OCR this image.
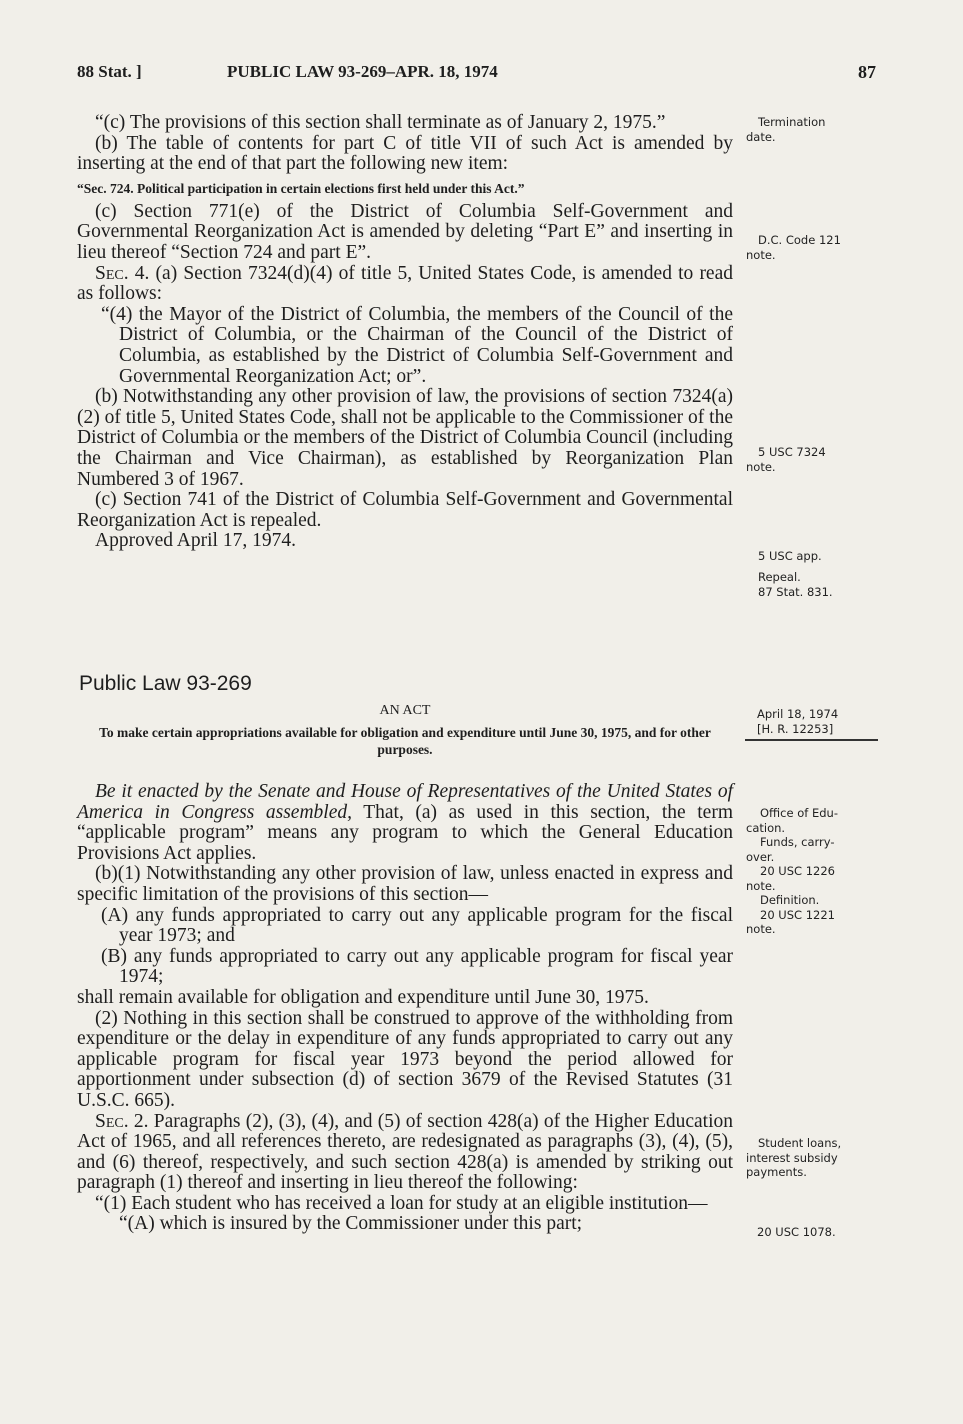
88 Stat. ]	PUBLIC LAW 93-269–APR. 18, 1974	87

“(c) The provisions of this section shall terminate as of January 2, 1975.”

(b) The table of contents for part C of title VII of such Act is amended by inserting at the end of that part the following new item:

“Sec. 724. Political participation in certain elections first held under this Act.”

(c) Section 771(e) of the District of Columbia Self-Government and Governmental Reorganization Act is amended by deleting “Part E” and inserting in lieu thereof “Section 724 and part E”.

Sec. 4. (a) Section 7324(d)(4) of title 5, United States Code, is amended to read as follows:

“(4) the Mayor of the District of Columbia, the members of the Council of the District of Columbia, or the Chairman of the Council of the District of Columbia, as established by the District of Columbia Self-Government and Governmental Reorganization Act; or”.

(b) Notwithstanding any other provision of law, the provisions of section 7324(a)(2) of title 5, United States Code, shall not be applicable to the Commissioner of the District of Columbia or the members of the District of Columbia Council (including the Chairman and Vice Chairman), as established by Reorganization Plan Numbered 3 of 1967.

(c) Section 741 of the District of Columbia Self-Government and Governmental Reorganization Act is repealed.

Approved April 17, 1974.

Public Law 93-269
AN ACT
To make certain appropriations available for obligation and expenditure until June 30, 1975, and for other purposes.

Be it enacted by the Senate and House of Representatives of the United States of America in Congress assembled, That, (a) as used in this section, the term “applicable program” means any program to which the General Education Provisions Act applies.

(b)(1) Notwithstanding any other provision of law, unless enacted in express and specific limitation of the provisions of this section—

(A) any funds appropriated to carry out any applicable program for the fiscal year 1973; and

(B) any funds appropriated to carry out any applicable program for fiscal year 1974;

shall remain available for obligation and expenditure until June 30, 1975.

(2) Nothing in this section shall be construed to approve of the withholding from expenditure or the delay in expenditure of any funds appropriated to carry out any applicable program for fiscal year 1973 beyond the period allowed for apportionment under subsection (d) of section 3679 of the Revised Statutes (31 U.S.C. 665).

Sec. 2. Paragraphs (2), (3), (4), and (5) of section 428(a) of the Higher Education Act of 1965, and all references thereto, are redesignated as paragraphs (3), (4), (5), and (6) thereof, respectively, and such section 428(a) is amended by striking out paragraph (1) thereof and inserting in lieu thereof the following:

“(1) Each student who has received a loan for study at an eligible institution—

“(A) which is insured by the Commissioner under this part;

Termination
date.
D.C. Code 121
note.
5 USC 7324
note.
5 USC app.
Repeal.
87 Stat. 831.
April 18, 1974
[H. R. 12253]
Office of Edu-
cation.
Funds, carry-
over.
20 USC 1226
note.
Definition.
20 USC 1221
note.
Student loans,
interest subsidy
payments.
20 USC 1078.
